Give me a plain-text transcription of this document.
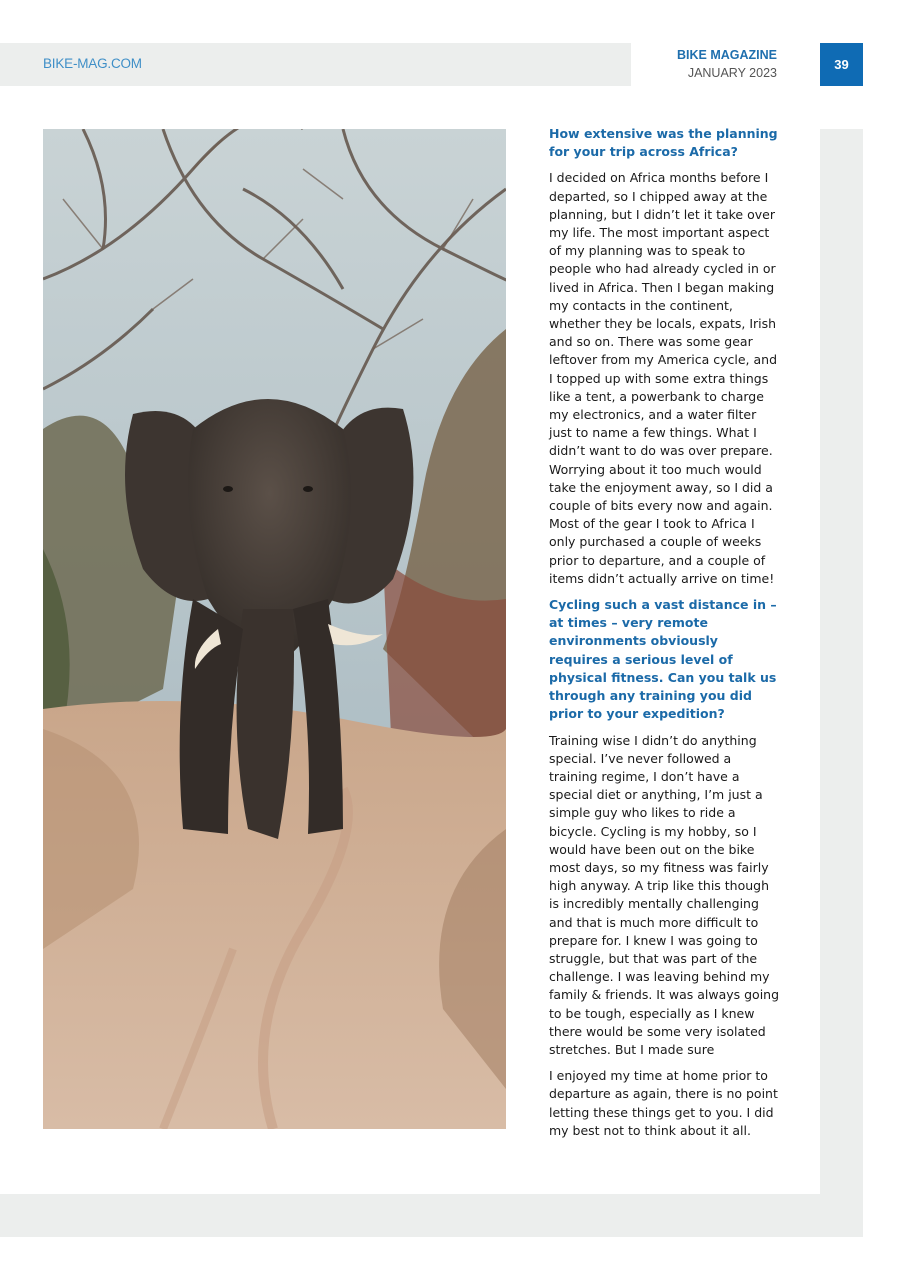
BIKE-MAG.COM
BIKE MAGAZINE
JANUARY 2023
39

How extensive was the planning for your trip across Africa?

I decided on Africa months before I departed, so I chipped away at the planning, but I didn’t let it take over my life. The most important aspect of my planning was to speak to people who had already cycled in or lived in Africa. Then I began making my contacts in the continent, whether they be locals, expats, Irish and so on. There was some gear leftover from my America cycle, and I topped up with some extra things like a tent, a powerbank to charge my electronics, and a water filter just to name a few things. What I didn’t want to do was over prepare. Worrying about it too much would take the enjoyment away, so I did a couple of bits every now and again. Most of the gear I took to Africa I only purchased a couple of weeks prior to departure, and a couple of items didn’t actually arrive on time!

Cycling such a vast distance in – at times – very remote environments obviously requires a serious level of physical fitness. Can you talk us through any training you did prior to your expedition?

Training wise I didn’t do anything special. I’ve never followed a training regime, I don’t have a special diet or anything, I’m just a simple guy who likes to ride a bicycle. Cycling is my hobby, so I would have been out on the bike most days, so my fitness was fairly high anyway. A trip like this though is incredibly mentally challenging and that is much more difficult to prepare for. I knew I was going to struggle, but that was part of the challenge. I was leaving behind my family & friends. It was always going to be tough, especially as I knew there would be some very isolated stretches. But I made sure

I enjoyed my time at home prior to departure as again, there is no point letting these things get to you. I did my best not to think about it all.
